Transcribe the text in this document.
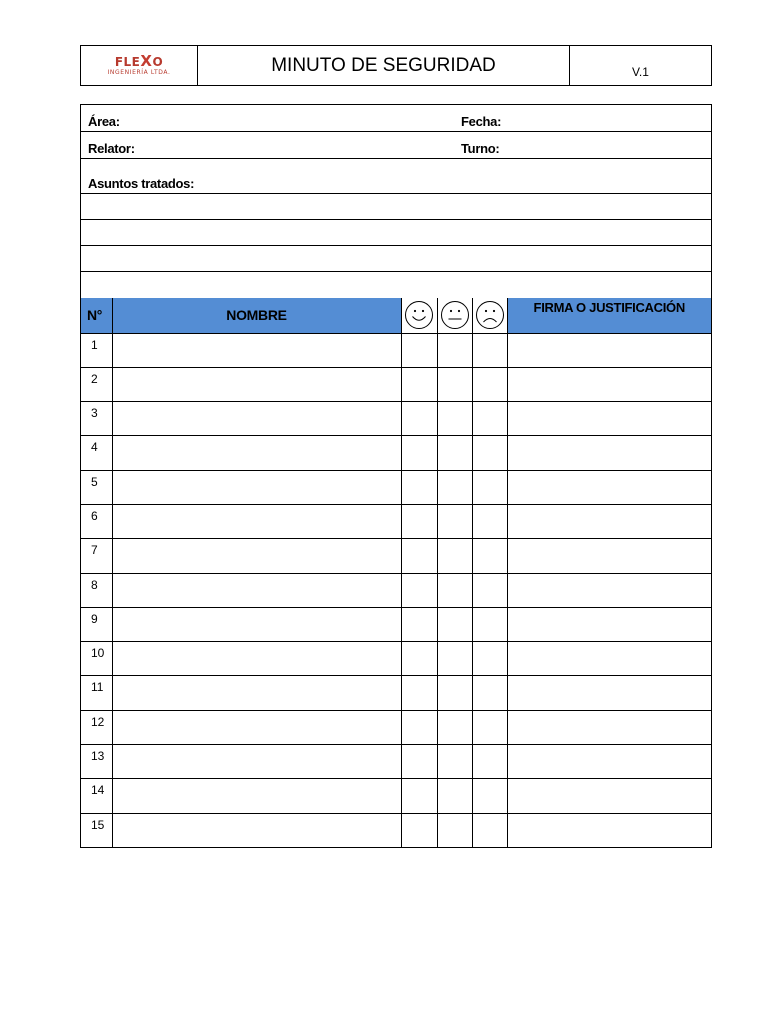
FLEXO
INGENIERÍA LTDA.	MINUTO DE SEGURIDAD	V.1
Área:	Fecha:
Relator:	Turno:
Asuntos tratados:
N°	NOMBRE				FIRMA O JUSTIFICACIÓN
1					
2					
3					
4					
5					
6					
7					
8					
9					
10					
11					
12					
13					
14					
15					
